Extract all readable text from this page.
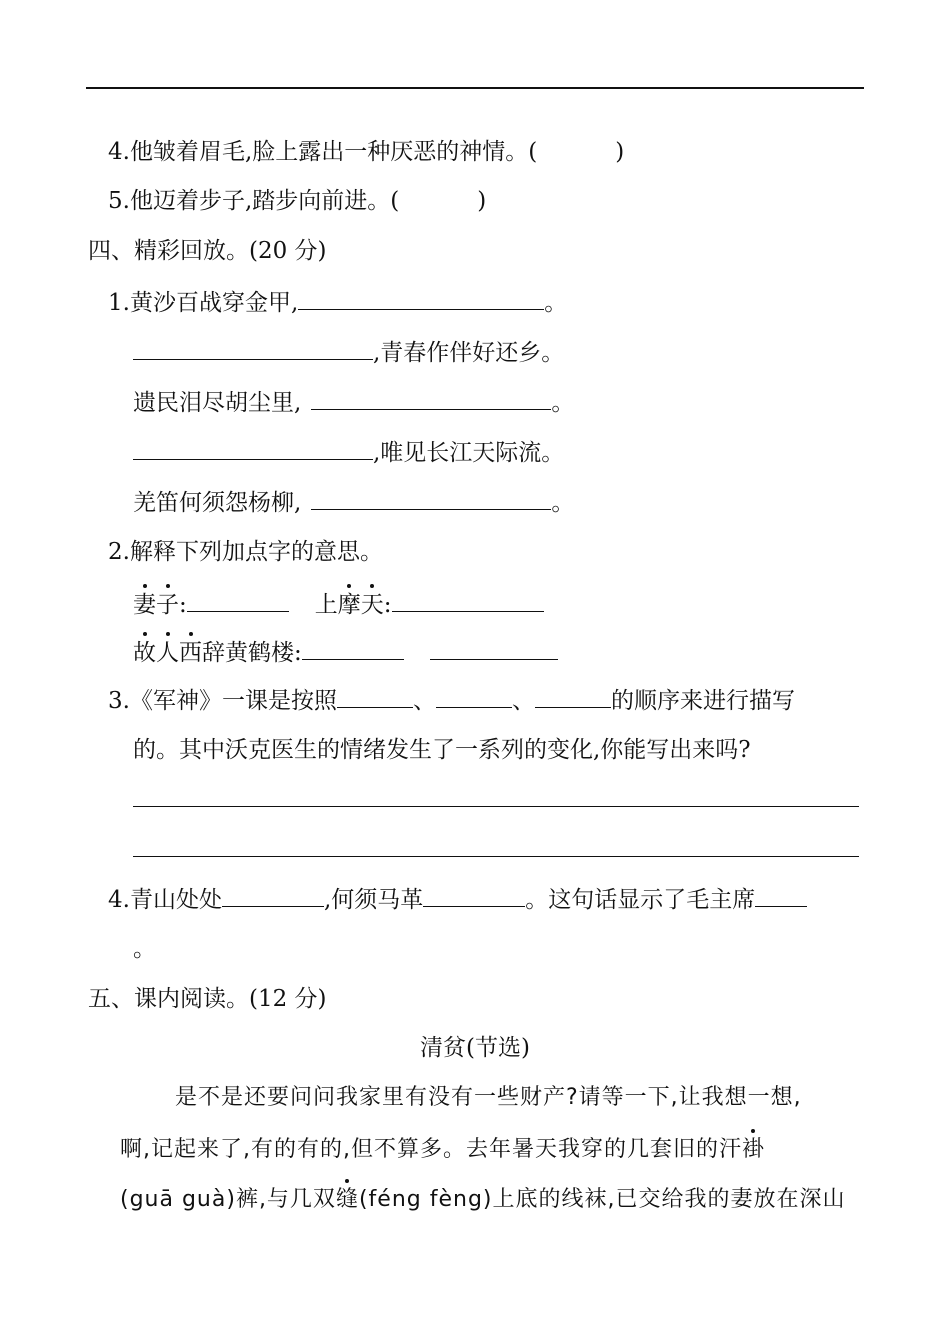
4.他皱着眉毛,脸上露出一种厌恶的神情。(	)
5.他迈着步子,踏步向前进。(	)
四、精彩回放。(20 分)
1.黄沙百战穿金甲,	。
,青春作伴好还乡。
遗民泪尽胡尘里,	。
,唯见长江天际流。
羌笛何须怨杨柳,	。
2.解释下列加点字的意思。
妻子:	上摩天:
故人西辞黄鹤楼:
3.《军神》一课是按照	、	、	的顺序来进行描写
的。其中沃克医生的情绪发生了一系列的变化,你能写出来吗?
4.青山处处	,何须马革	。这句话显示了毛主席
。
五、课内阅读。(12 分)
清贫(节选)
是不是还要问问我家里有没有一些财产?请等一下,让我想一想,
啊,记起来了,有的有的,但不算多。去年暑天我穿的几套旧的汗褂
(guā guà)裤,与几双缝(féng fèng)上底的线袜,已交给我的妻放在深山
